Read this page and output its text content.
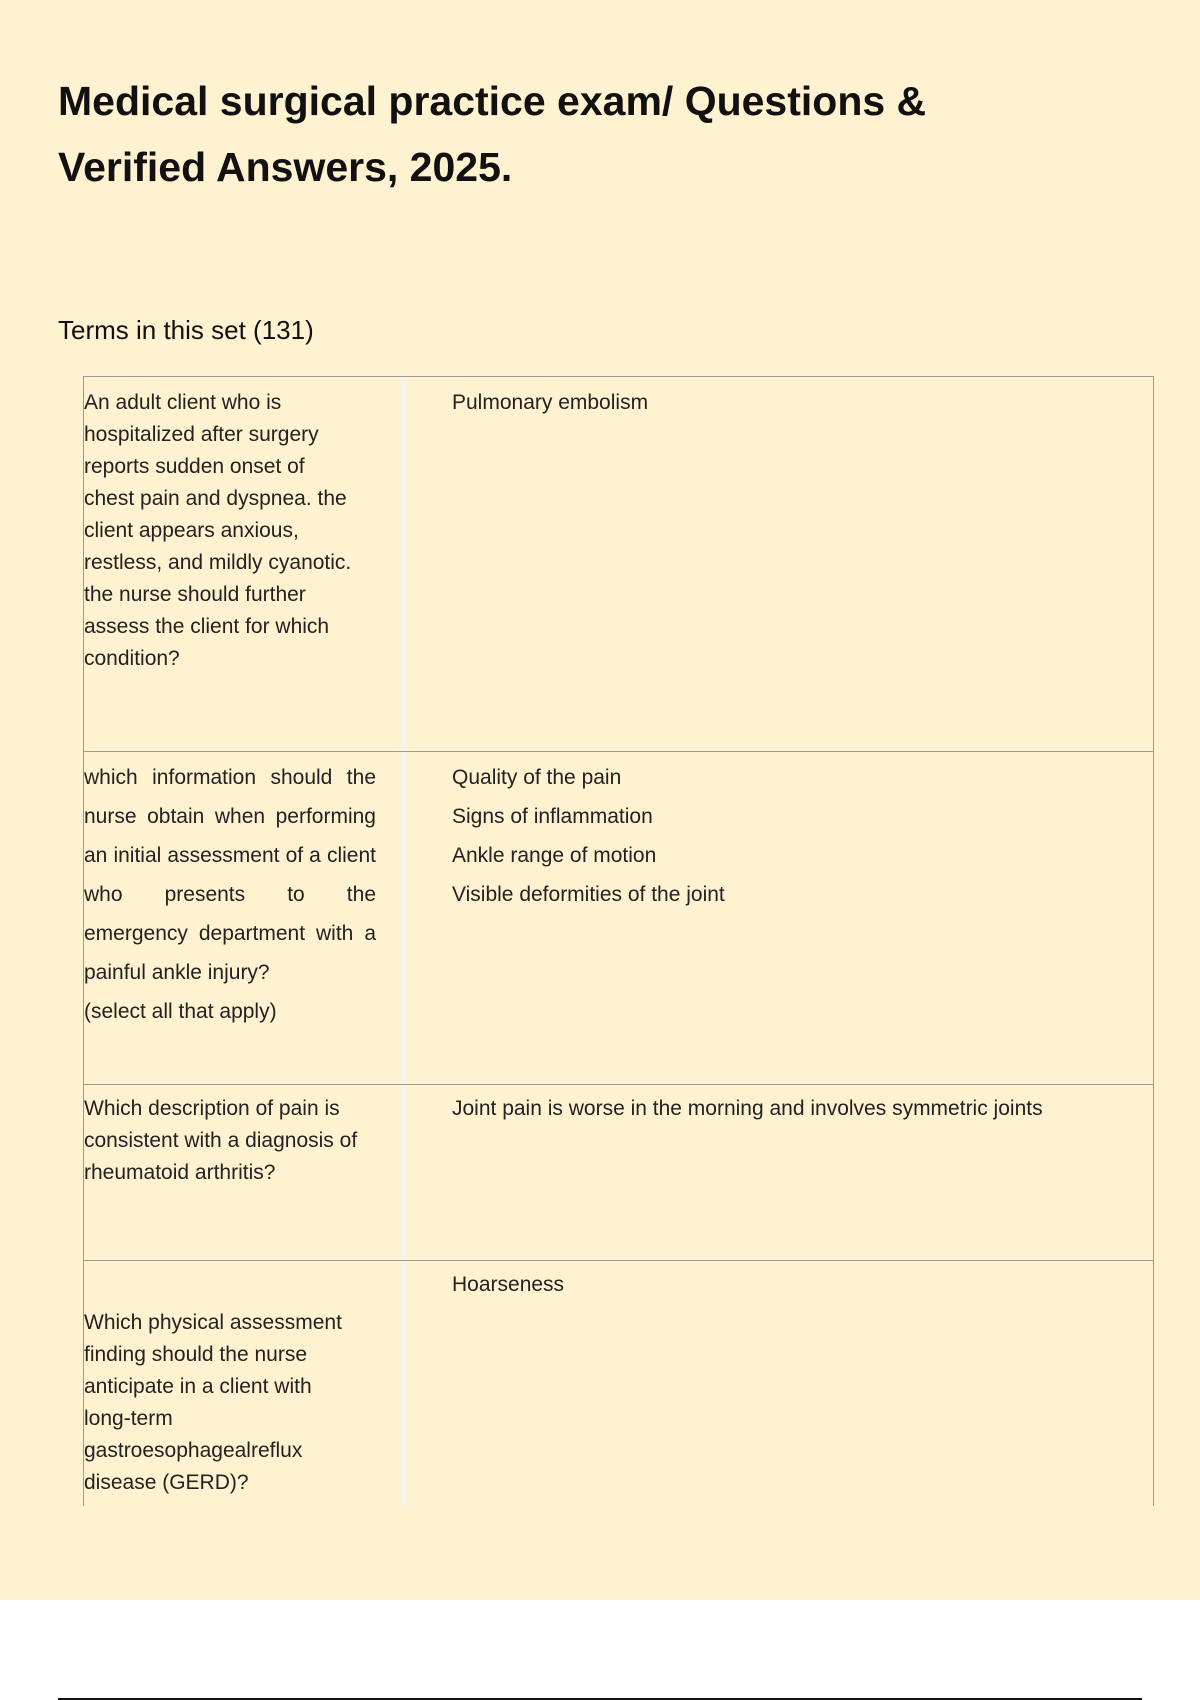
Medical surgical practice exam/ Questions &
Verified Answers, 2025.
Terms in this set (131)
An adult client who is
hospitalized after surgery
reports sudden onset of
chest pain and dyspnea. the
client appears anxious,
restless, and mildly cyanotic.
the nurse should further
assess the client for which
condition?
Pulmonary embolism
which information should the nurse obtain when performing an initial assessment of a client who presents to the emergency department with a painful ankle injury?
(select all that apply)
Quality of the pain
Signs of inflammation
Ankle range of motion
Visible deformities of the joint
Which description of pain is
consistent with a diagnosis of
rheumatoid arthritis?
Joint pain is worse in the morning and involves symmetric joints
Which physical assessment
finding should the nurse
anticipate in a client with
long-term
gastroesophagealreflux
disease (GERD)?
Hoarseness
